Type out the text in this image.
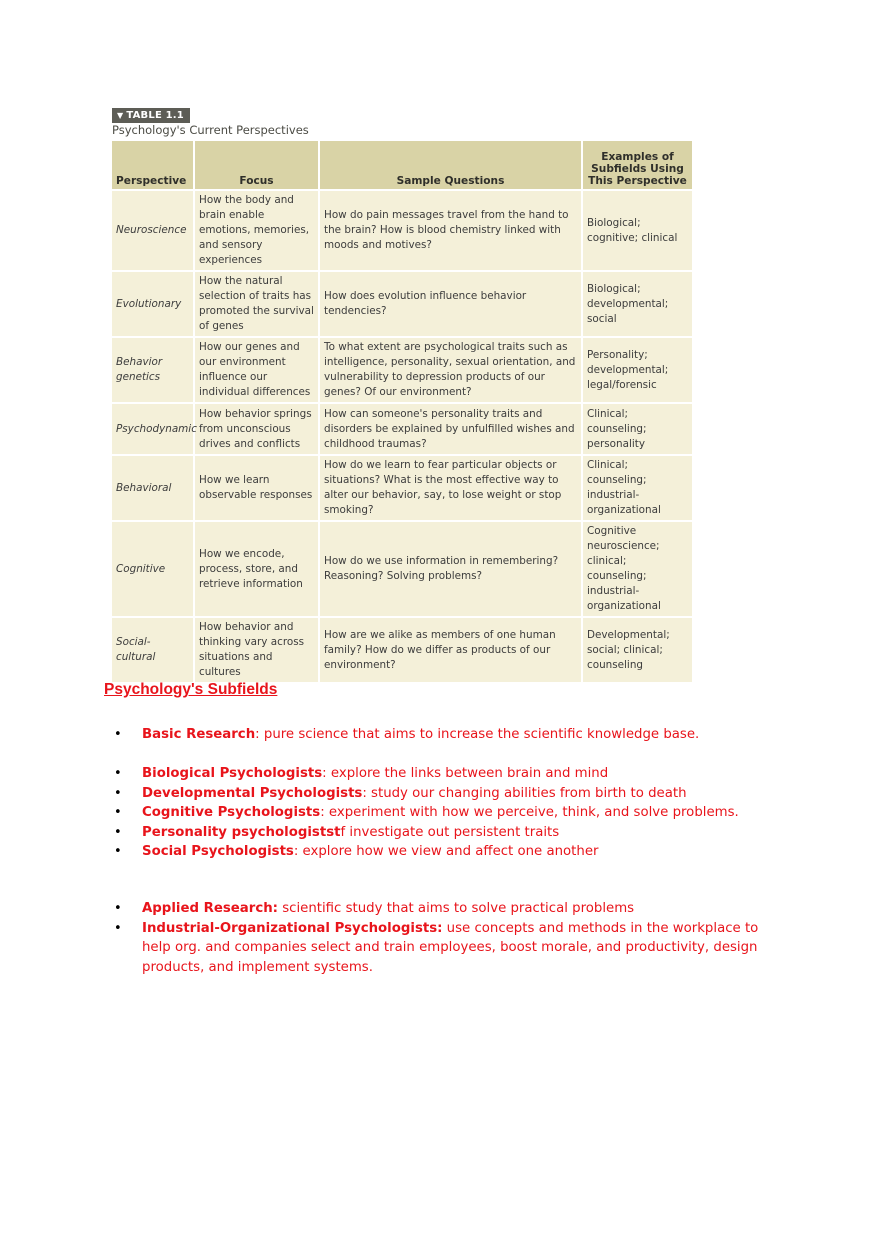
▼ TABLE 1.1
Psychology's Current Perspectives
Perspective	Focus	Sample Questions	Examples of Subfields Using This Perspective
Neuroscience	How the body and brain enable emotions, memories, and sensory experiences	How do pain messages travel from the hand to the brain? How is blood chemistry linked with moods and motives?	Biological; cognitive; clinical
Evolutionary	How the natural selection of traits has promoted the survival of genes	How does evolution influence behavior tendencies?	Biological; developmental; social
Behavior genetics	How our genes and our environment influence our individual differences	To what extent are psychological traits such as intelligence, personality, sexual orientation, and vulnerability to depression products of our genes? Of our environment?	Personality; developmental; legal/forensic
Psychodynamic	How behavior springs from unconscious drives and conflicts	How can someone's personality traits and disorders be explained by unfulfilled wishes and childhood traumas?	Clinical; counseling; personality
Behavioral	How we learn observable responses	How do we learn to fear particular objects or situations? What is the most effective way to alter our behavior, say, to lose weight or stop smoking?	Clinical; counseling; industrial-organizational
Cognitive	How we encode, process, store, and retrieve information	How do we use information in remembering? Reasoning? Solving problems?	Cognitive neuroscience; clinical; counseling; industrial-organizational
Social-cultural	How behavior and thinking vary across situations and cultures	How are we alike as members of one human family? How do we differ as products of our environment?	Developmental; social; clinical; counseling
Psychology's Subfields
• Basic Research: pure science that aims to increase the scientific knowledge base.
• Biological Psychologists: explore the links between brain and mind
• Developmental Psychologists: study our changing abilities from birth to death
• Cognitive Psychologists: experiment with how we perceive, think, and solve problems.
• Personality psychologiststf investigate out persistent traits
• Social Psychologists: explore how we view and affect one another
• Applied Research: scientific study that aims to solve practical problems
• Industrial-Organizational Psychologists: use concepts and methods in the workplace to help org. and companies select and train employees, boost morale, and productivity, design products, and implement systems.
